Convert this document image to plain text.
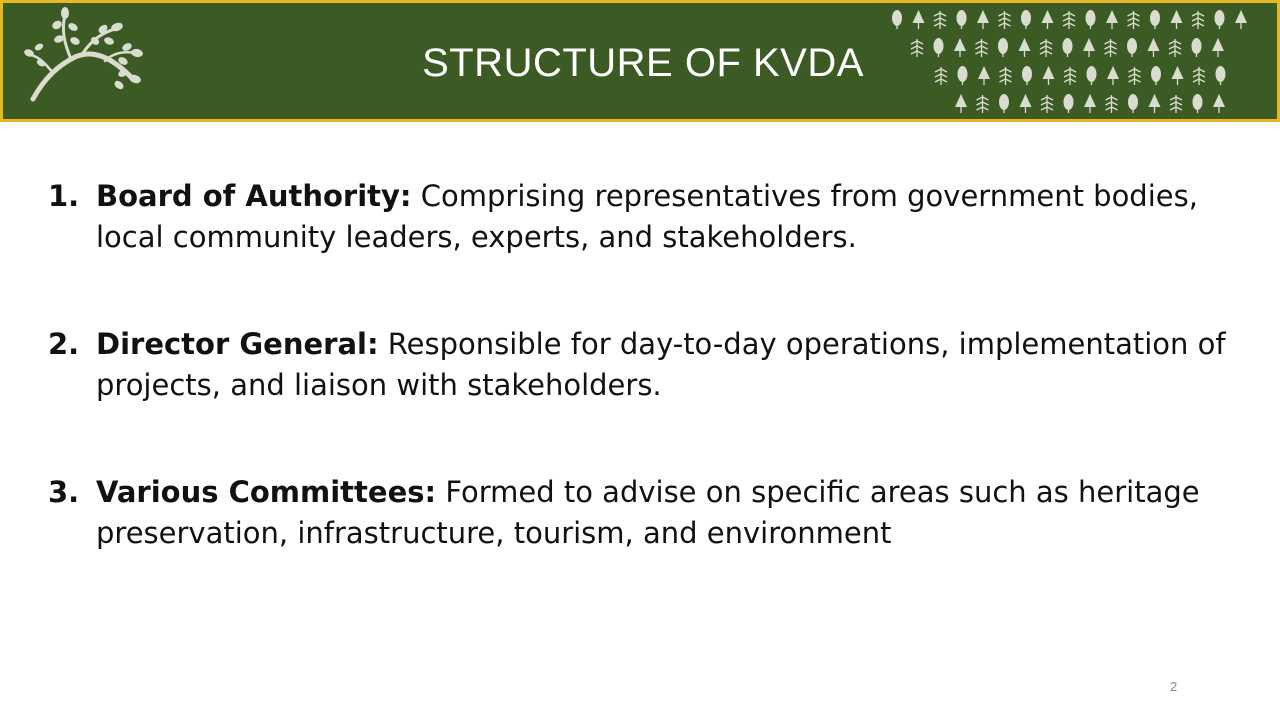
STRUCTURE OF KVDA
1. Board of Authority: Comprising representatives from government bodies, local community leaders, experts, and stakeholders.
2. Director General: Responsible for day-to-day operations, implementation of projects, and liaison with stakeholders.
3. Various Committees: Formed to advise on specific areas such as heritage preservation, infrastructure, tourism, and environment
2
